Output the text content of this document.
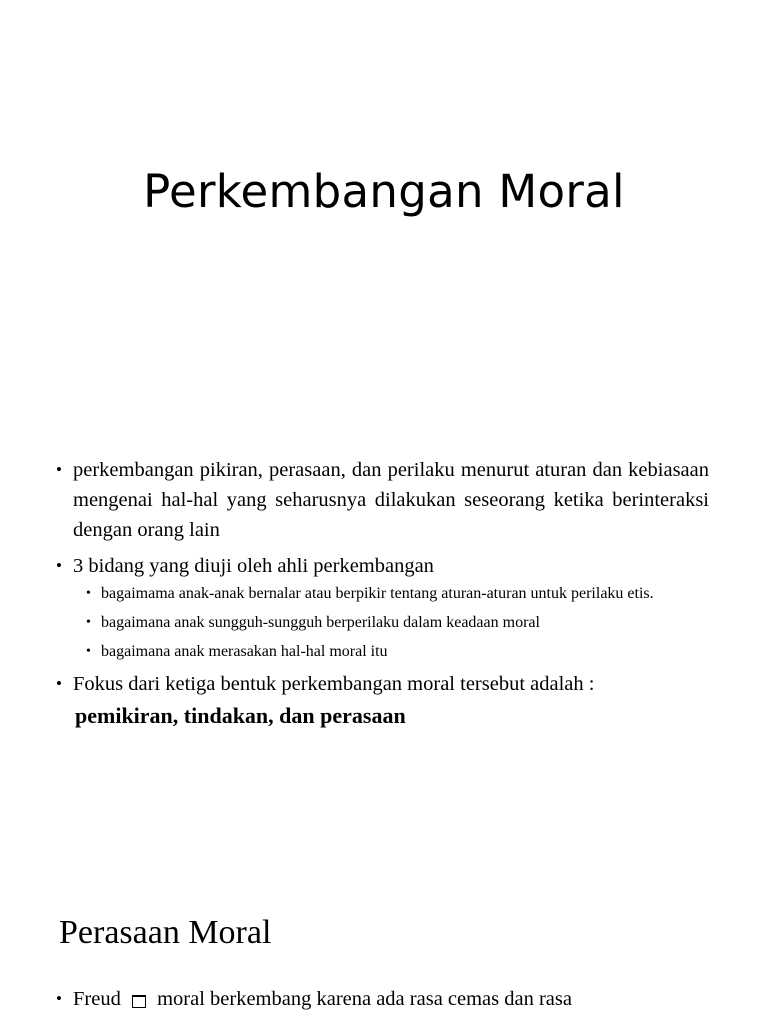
Perkembangan Moral
• perkembangan pikiran, perasaan, dan perilaku menurut aturan dan kebiasaan mengenai hal-hal yang seharusnya dilakukan seseorang ketika berinteraksi dengan orang lain
• 3 bidang yang diuji oleh ahli perkembangan
• bagaimama anak-anak bernalar atau berpikir tentang aturan-aturan untuk perilaku etis.
• bagaimana anak sungguh-sungguh berperilaku dalam keadaan moral
• bagaimana anak merasakan hal-hal moral itu
• Fokus dari ketiga bentuk perkembangan moral tersebut adalah :
pemikiran, tindakan, dan perasaan
Perasaan Moral
• Freud moral berkembang karena ada rasa cemas dan rasa
